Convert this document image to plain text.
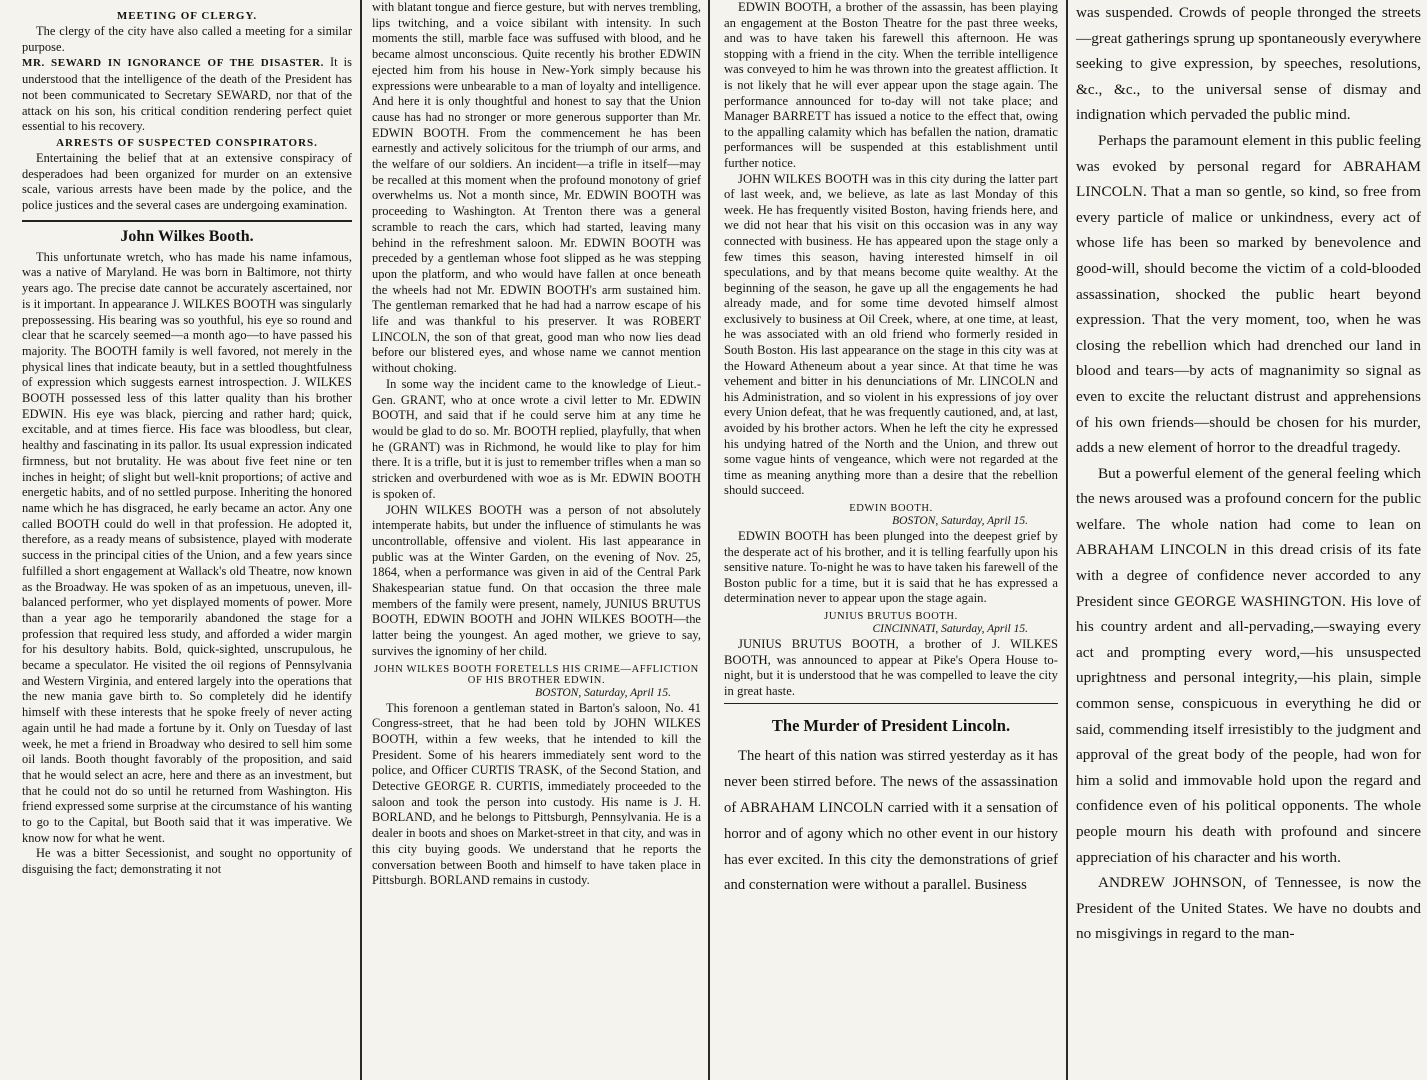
MEETING OF CLERGY.

The clergy of the city have also called a meeting for a similar purpose.

MR. SEWARD IN IGNORANCE OF THE DISASTER. It is understood that the intelligence of the death of the President has not been communicated to Secretary SEWARD, nor that of the attack on his son, his critical condition rendering perfect quiet essential to his recovery.

ARRESTS OF SUSPECTED CONSPIRATORS.

Entertaining the belief that at an extensive conspiracy of desperadoes had been organized for murder on an extensive scale, various arrests have been made by the police, and the police justices and the several cases are undergoing examination.

John Wilkes Booth.

This unfortunate wretch, who has made his name infamous, was a native of Maryland. He was born in Baltimore, not thirty years ago. The precise date cannot be accurately ascertained, nor is it important. In appearance J. WILKES BOOTH was singularly prepossessing. His bearing was so youthful, his eye so round and clear that he scarcely seemed—a month ago—to have passed his majority. The BOOTH family is well favored, not merely in the physical lines that indicate beauty, but in a settled thoughtfulness of expression which suggests earnest introspection. J. WILKES BOOTH possessed less of this latter quality than his brother EDWIN. His eye was black, piercing and rather hard; quick, excitable, and at times fierce. His face was bloodless, but clear, healthy and fascinating in its pallor. Its usual expression indicated firmness, but not brutality. He was about five feet nine or ten inches in height; of slight but well-knit proportions; of active and energetic habits, and of no settled purpose. Inheriting the honored name which he has disgraced, he early became an actor. Any one called BOOTH could do well in that profession. He adopted it, therefore, as a ready means of subsistence, played with moderate success in the principal cities of the Union, and a few years since fulfilled a short engagement at Wallack's old Theatre, now known as the Broadway. He was spoken of as an impetuous, uneven, ill-balanced performer, who yet displayed moments of power. More than a year ago he temporarily abandoned the stage for a profession that required less study, and afforded a wider margin for his desultory habits. Bold, quick-sighted, unscrupulous, he became a speculator. He visited the oil regions of Pennsylvania and Western Virginia, and entered largely into the operations that the new mania gave birth to. So completely did he identify himself with these interests that he spoke freely of never acting again until he had made a fortune by it. Only on Tuesday of last week, he met a friend in Broadway who desired to sell him some oil lands. Booth thought favorably of the proposition, and said that he would select an acre, here and there as an investment, but that he could not do so until he returned from Washington. His friend expressed some surprise at the circumstance of his wanting to go to the Capital, but Booth said that it was imperative. We know now for what he went.

He was a bitter Secessionist, and sought no opportunity of disguising the fact; demonstrating it not

with blatant tongue and fierce gesture, but with nerves trembling, lips twitching, and a voice sibilant with intensity. In such moments the still, marble face was suffused with blood, and he became almost unconscious. Quite recently his brother EDWIN ejected him from his house in New-York simply because his expressions were unbearable to a man of loyalty and intelligence. And here it is only thoughtful and honest to say that the Union cause has had no stronger or more generous supporter than Mr. EDWIN BOOTH. From the commencement he has been earnestly and actively solicitous for the triumph of our arms, and the welfare of our soldiers. An incident—a trifle in itself—may be recalled at this moment when the profound monotony of grief overwhelms us. Not a month since, Mr. EDWIN BOOTH was proceeding to Washington. At Trenton there was a general scramble to reach the cars, which had started, leaving many behind in the refreshment saloon. Mr. EDWIN BOOTH was preceded by a gentleman whose foot slipped as he was stepping upon the platform, and who would have fallen at once beneath the wheels had not Mr. EDWIN BOOTH's arm sustained him. The gentleman remarked that he had had a narrow escape of his life and was thankful to his preserver. It was ROBERT LINCOLN, the son of that great, good man who now lies dead before our blistered eyes, and whose name we cannot mention without choking.

In some way the incident came to the knowledge of Lieut.-Gen. GRANT, who at once wrote a civil letter to Mr. EDWIN BOOTH, and said that if he could serve him at any time he would be glad to do so. Mr. BOOTH replied, playfully, that when he (GRANT) was in Richmond, he would like to play for him there. It is a trifle, but it is just to remember trifles when a man so stricken and overburdened with woe as is Mr. EDWIN BOOTH is spoken of.

JOHN WILKES BOOTH was a person of not absolutely intemperate habits, but under the influence of stimulants he was uncontrollable, offensive and violent. His last appearance in public was at the Winter Garden, on the evening of Nov. 25, 1864, when a performance was given in aid of the Central Park Shakespearian statue fund. On that occasion the three male members of the family were present, namely, JUNIUS BRUTUS BOOTH, EDWIN BOOTH and JOHN WILKES BOOTH—the latter being the youngest. An aged mother, we grieve to say, survives the ignominy of her child.

JOHN WILKES BOOTH FORETELLS HIS CRIME—AFFLICTION OF HIS BROTHER EDWIN.
BOSTON, Saturday, April 15.

This forenoon a gentleman stated in Barton's saloon, No. 41 Congress-street, that he had been told by JOHN WILKES BOOTH, within a few weeks, that he intended to kill the President. Some of his hearers immediately sent word to the police, and Officer CURTIS TRASK, of the Second Station, and Detective GEORGE R. CURTIS, immediately proceeded to the saloon and took the person into custody. His name is J. H. BORLAND, and he belongs to Pittsburgh, Pennsylvania. He is a dealer in boots and shoes on Market-street in that city, and was in this city buying goods. We understand that he reports the conversation between Booth and himself to have taken place in Pittsburgh. BORLAND remains in custody.

EDWIN BOOTH, a brother of the assassin, has been playing an engagement at the Boston Theatre for the past three weeks, and was to have taken his farewell this afternoon. He was stopping with a friend in the city. When the terrible intelligence was conveyed to him he was thrown into the greatest affliction. It is not likely that he will ever appear upon the stage again. The performance announced for to-day will not take place; and Manager BARRETT has issued a notice to the effect that, owing to the appalling calamity which has befallen the nation, dramatic performances will be suspended at this establishment until further notice.

JOHN WILKES BOOTH was in this city during the latter part of last week, and, we believe, as late as last Monday of this week. He has frequently visited Boston, having friends here, and we did not hear that his visit on this occasion was in any way connected with business. He has appeared upon the stage only a few times this season, having interested himself in oil speculations, and by that means become quite wealthy. At the beginning of the season, he gave up all the engagements he had already made, and for some time devoted himself almost exclusively to business at Oil Creek, where, at one time, at least, he was associated with an old friend who formerly resided in South Boston. His last appearance on the stage in this city was at the Howard Atheneum about a year since. At that time he was vehement and bitter in his denunciations of Mr. LINCOLN and his Administration, and so violent in his expressions of joy over every Union defeat, that he was frequently cautioned, and, at last, avoided by his brother actors. When he left the city he expressed his undying hatred of the North and the Union, and threw out some vague hints of vengeance, which were not regarded at the time as meaning anything more than a desire that the rebellion should succeed.

EDWIN BOOTH.
BOSTON, Saturday, April 15.

EDWIN BOOTH has been plunged into the deepest grief by the desperate act of his brother, and it is telling fearfully upon his sensitive nature. To-night he was to have taken his farewell of the Boston public for a time, but it is said that he has expressed a determination never to appear upon the stage again.

JUNIUS BRUTUS BOOTH.
CINCINNATI, Saturday, April 15.

JUNIUS BRUTUS BOOTH, a brother of J. WILKES BOOTH, was announced to appear at Pike's Opera House to-night, but it is understood that he was compelled to leave the city in great haste.

The Murder of President Lincoln.

The heart of this nation was stirred yesterday as it has never been stirred before. The news of the assassination of ABRAHAM LINCOLN carried with it a sensation of horror and of agony which no other event in our history has ever excited. In this city the demonstrations of grief and consternation were without a parallel. Business

was suspended. Crowds of people thronged the streets—great gatherings sprung up spontaneously everywhere seeking to give expression, by speeches, resolutions, &c., &c., to the universal sense of dismay and indignation which pervaded the public mind.

Perhaps the paramount element in this public feeling was evoked by personal regard for ABRAHAM LINCOLN. That a man so gentle, so kind, so free from every particle of malice or unkindness, every act of whose life has been so marked by benevolence and good-will, should become the victim of a cold-blooded assassination, shocked the public heart beyond expression. That the very moment, too, when he was closing the rebellion which had drenched our land in blood and tears—by acts of magnanimity so signal as even to excite the reluctant distrust and apprehensions of his own friends—should be chosen for his murder, adds a new element of horror to the dreadful tragedy.

But a powerful element of the general feeling which the news aroused was a profound concern for the public welfare. The whole nation had come to lean on ABRAHAM LINCOLN in this dread crisis of its fate with a degree of confidence never accorded to any President since GEORGE WASHINGTON. His love of his country ardent and all-pervading,—swaying every act and prompting every word,—his unsuspected uprightness and personal integrity,—his plain, simple common sense, conspicuous in everything he did or said, commending itself irresistibly to the judgment and approval of the great body of the people, had won for him a solid and immovable hold upon the regard and confidence even of his political opponents. The whole people mourn his death with profound and sincere appreciation of his character and his worth.

ANDREW JOHNSON, of Tennessee, is now the President of the United States. We have no doubts and no misgivings in regard to the man-
